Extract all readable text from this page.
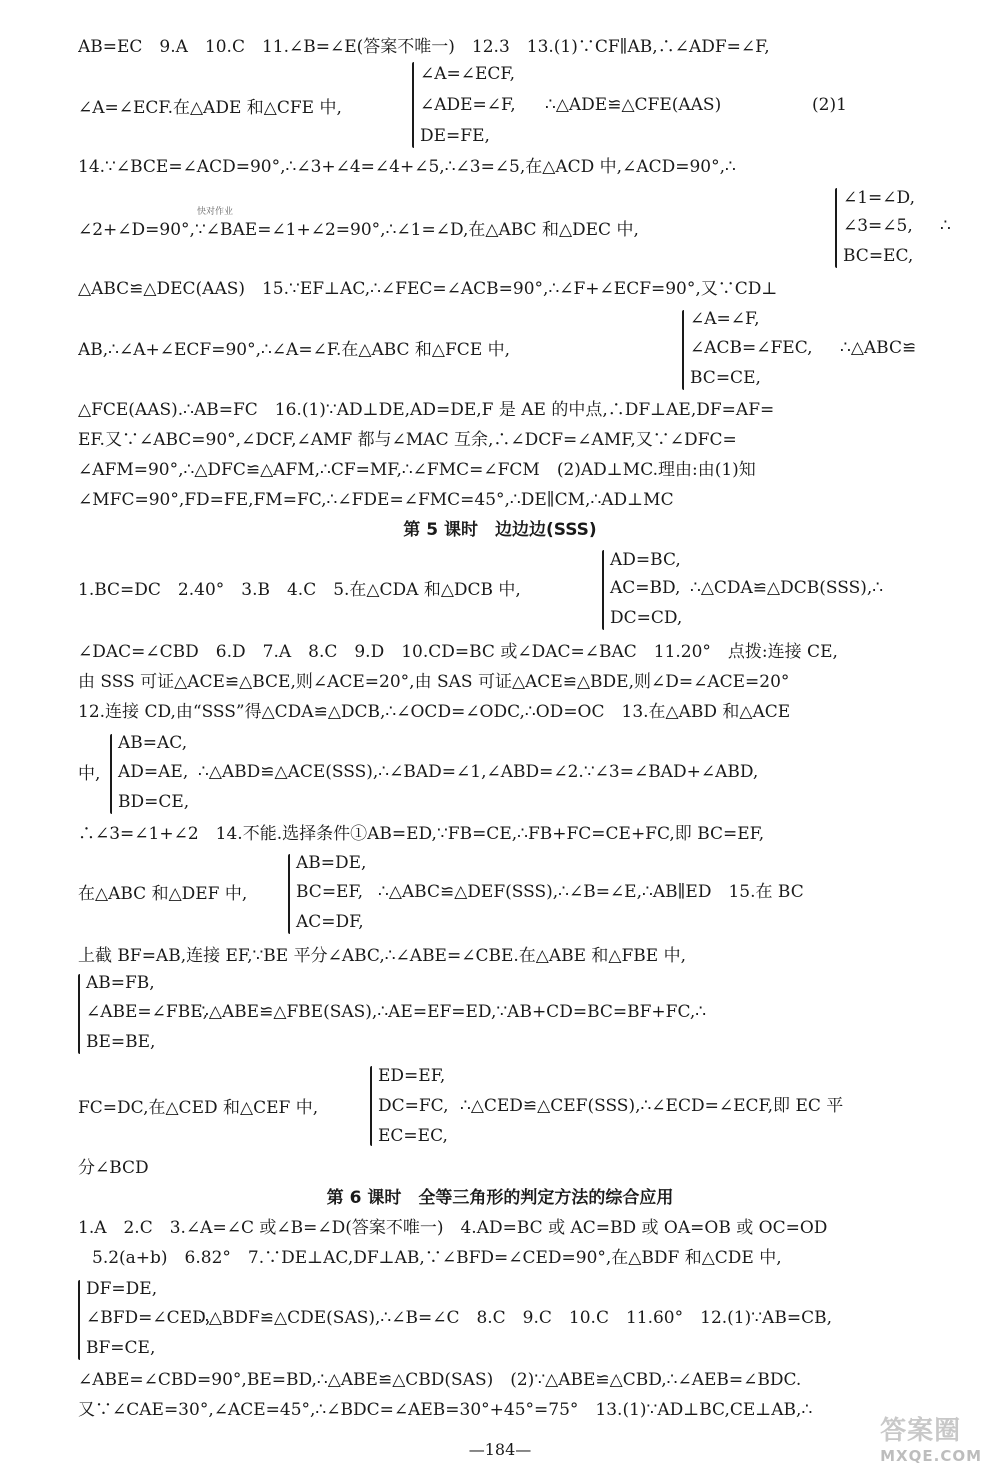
AB=EC　9.A　10.C　11.∠B=∠E(答案不唯一)　12.3　13.(1)∵CF∥AB,∴∠ADF=∠F,
∠A=∠ECF.在△ADE 和△CFE 中,
∠A=∠ECF,
∠ADE=∠F,
DE=FE,
∴△ADE≌△CFE(AAS)	(2)1
14.∵∠BCE=∠ACD=90°,∴∠3+∠4=∠4+∠5,∴∠3=∠5,在△ACD 中,∠ACD=90°,∴
∠2+∠D=90°,∵∠BAE=∠1+∠2=90°,∴∠1=∠D,在△ABC 和△DEC 中,
快对作业
∠1=∠D,
∠3=∠5,
BC=EC,
∴
△ABC≌△DEC(AAS)　15.∵EF⊥AC,∴∠FEC=∠ACB=90°,∴∠F+∠ECF=90°,又∵CD⊥
AB,∴∠A+∠ECF=90°,∴∠A=∠F.在△ABC 和△FCE 中,
∠A=∠F,
∠ACB=∠FEC,
BC=CE,
∴△ABC≌
△FCE(AAS).∴AB=FC　16.(1)∵AD⊥DE,AD=DE,F 是 AE 的中点,∴DF⊥AE,DF=AF=
EF.又∵∠ABC=90°,∠DCF,∠AMF 都与∠MAC 互余,∴∠DCF=∠AMF,又∵∠DFC=
∠AFM=90°,∴△DFC≌△AFM,∴CF=MF,∴∠FMC=∠FCM　(2)AD⊥MC.理由:由(1)知
∠MFC=90°,FD=FE,FM=FC,∴∠FDE=∠FMC=45°,∴DE∥CM,∴AD⊥MC
第 5 课时　边边边(SSS)
1.BC=DC　2.40°　3.B　4.C　5.在△CDA 和△DCB 中,
AD=BC,
AC=BD,
DC=CD,
∴△CDA≌△DCB(SSS),∴
∠DAC=∠CBD　6.D　7.A　8.C　9.D　10.CD=BC 或∠DAC=∠BAC　11.20°　点拨:连接 CE,
由 SSS 可证△ACE≌△BCE,则∠ACE=20°,由 SAS 可证△ACE≌△BDE,则∠D=∠ACE=20°
12.连接 CD,由“SSS”得△CDA≌△DCB,∴∠OCD=∠ODC,∴OD=OC　13.在△ABD 和△ACE
中,
AB=AC,
AD=AE,
BD=CE,
∴△ABD≌△ACE(SSS),∴∠BAD=∠1,∠ABD=∠2.∵∠3=∠BAD+∠ABD,
∴∠3=∠1+∠2　14.不能.选择条件①AB=ED,∵FB=CE,∴FB+FC=CE+FC,即 BC=EF,
在△ABC 和△DEF 中,
AB=DE,
BC=EF,
AC=DF,
∴△ABC≌△DEF(SSS),∴∠B=∠E,∴AB∥ED　15.在 BC
上截 BF=AB,连接 EF,∵BE 平分∠ABC,∴∠ABE=∠CBE.在△ABE 和△FBE 中,
AB=FB,
∠ABE=∠FBE,
BE=BE,
∴△ABE≌△FBE(SAS),∴AE=EF=ED,∵AB+CD=BC=BF+FC,∴
FC=DC,在△CED 和△CEF 中,
ED=EF,
DC=FC,
EC=EC,
∴△CED≌△CEF(SSS),∴∠ECD=∠ECF,即 EC 平
分∠BCD
第 6 课时　全等三角形的判定方法的综合应用
1.A　2.C　3.∠A=∠C 或∠B=∠D(答案不唯一)　4.AD=BC 或 AC=BD 或 OA=OB 或 OC=OD
5.2(a+b)　6.82°　7.∵DE⊥AC,DF⊥AB,∵∠BFD=∠CED=90°,在△BDF 和△CDE 中,
DF=DE,
∠BFD=∠CED,
BF=CE,
∴△BDF≌△CDE(SAS),∴∠B=∠C　8.C　9.C　10.C　11.60°　12.(1)∵AB=CB,
∠ABE=∠CBD=90°,BE=BD,∴△ABE≌△CBD(SAS)　(2)∵△ABE≌△CBD,∴∠AEB=∠BDC.
又∵∠CAE=30°,∠ACE=45°,∴∠BDC=∠AEB=30°+45°=75°　13.(1)∵AD⊥BC,CE⊥AB,∴
—184—
答案圈
MXQE.COM
